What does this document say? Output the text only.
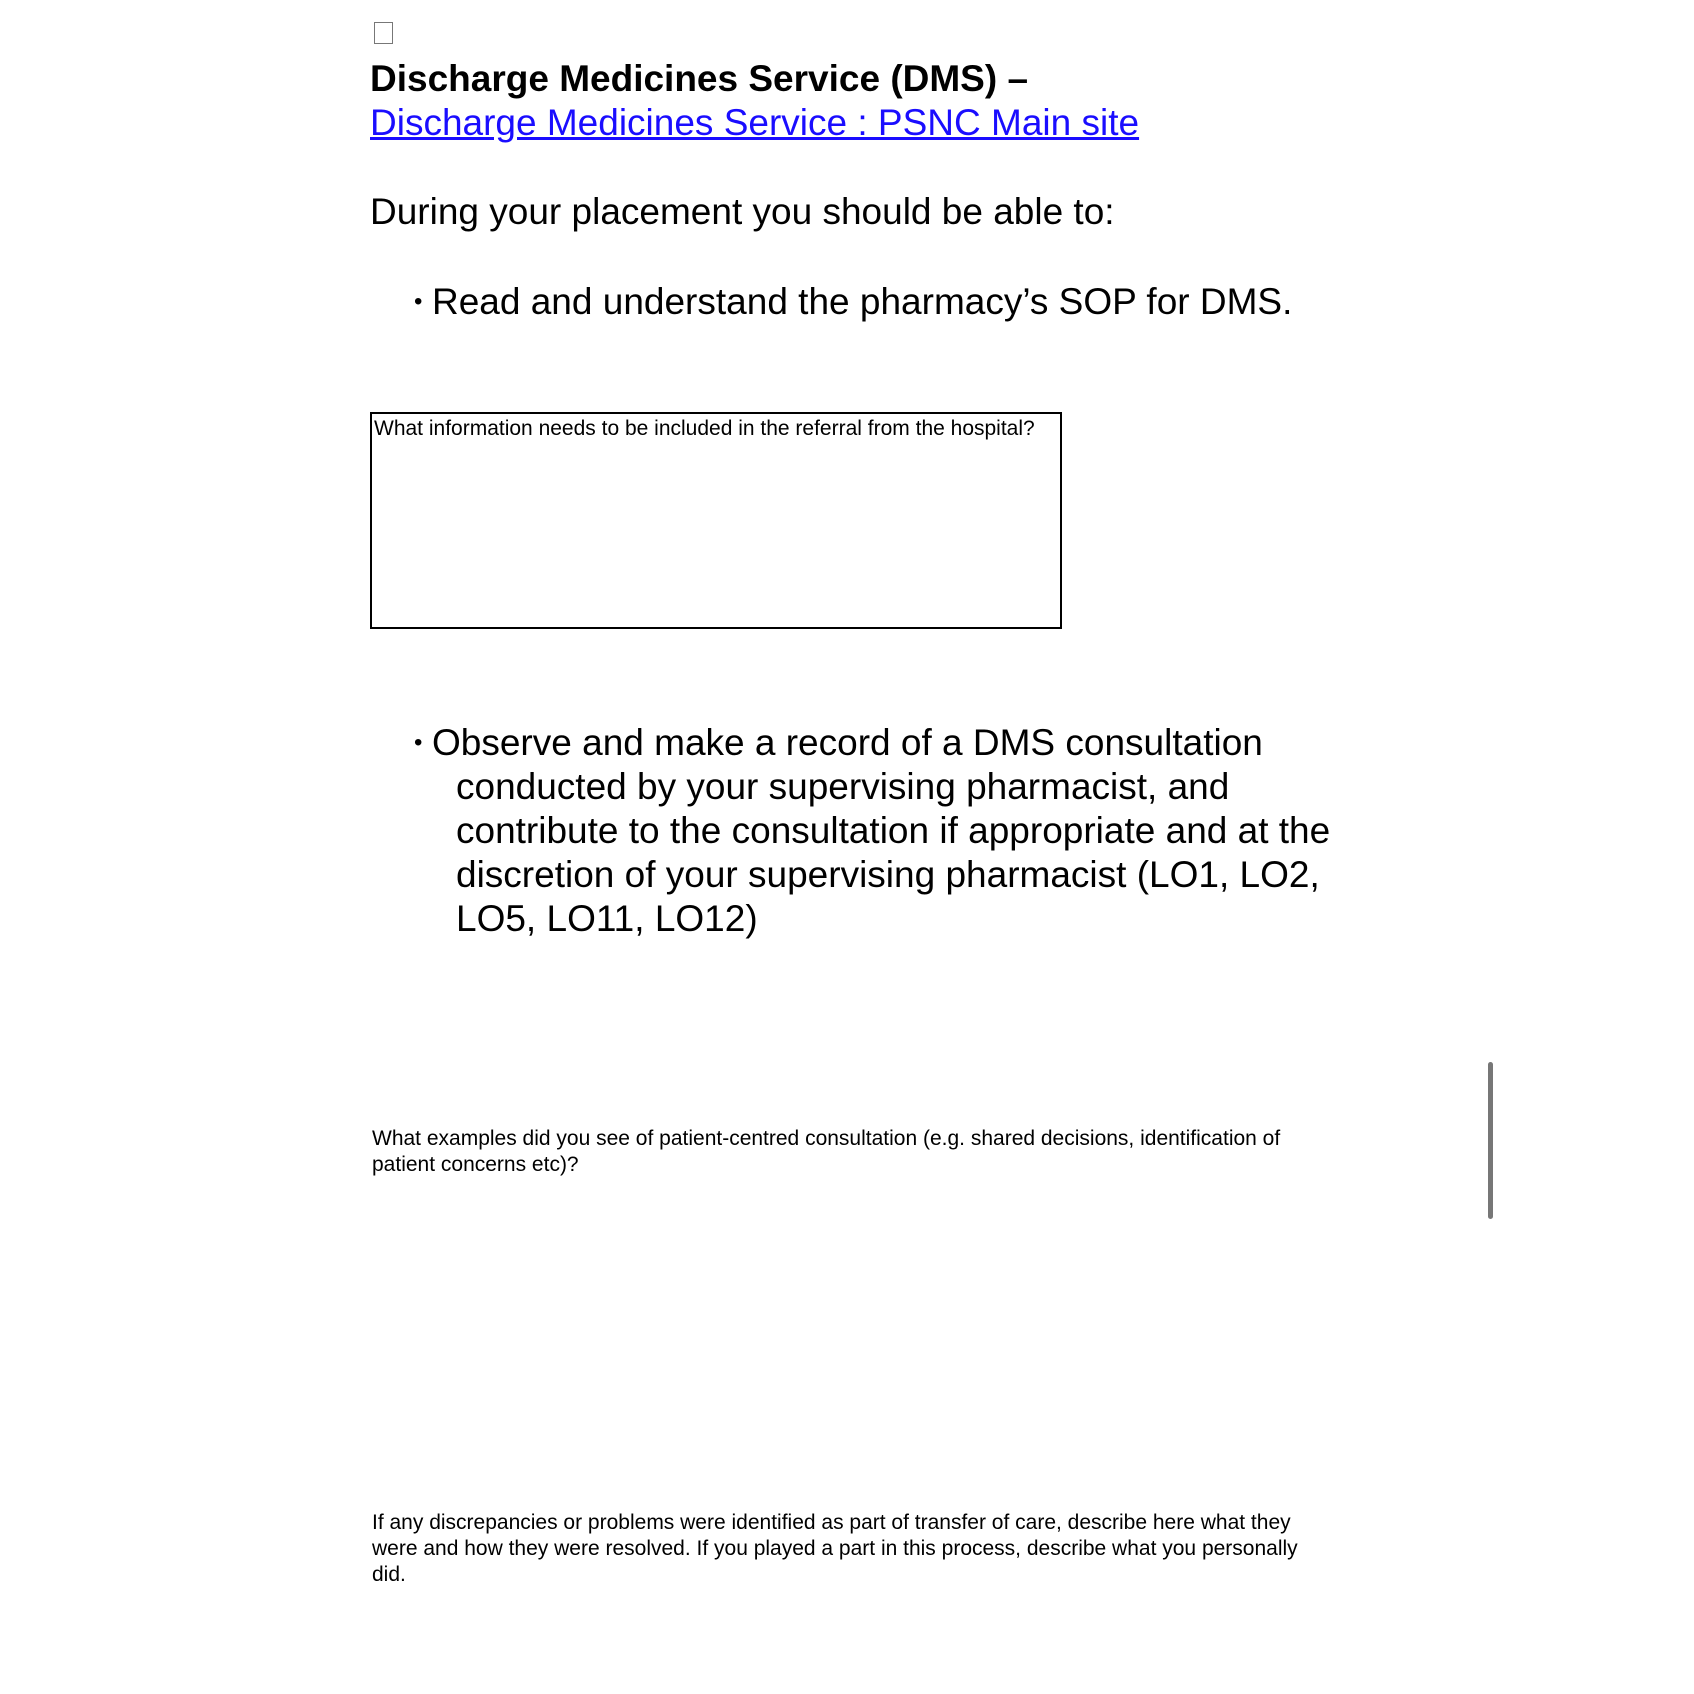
Discharge Medicines Service (DMS) –
Discharge Medicines Service : PSNC Main site
During your placement you should be able to:
• Read and understand the pharmacy’s SOP for DMS.
What information needs to be included in the referral from the hospital?
• Observe and make a record of a DMS consultation
conducted by your supervising pharmacist, and contribute to the consultation if appropriate and at the discretion of your supervising pharmacist (LO1, LO2, LO5, LO11, LO12)
What examples did you see of patient-centred consultation (e.g. shared decisions, identification of patient concerns etc)?
If any discrepancies or problems were identified as part of transfer of care, describe here what they were and how they were resolved. If you played a part in this process, describe what you personally did.
